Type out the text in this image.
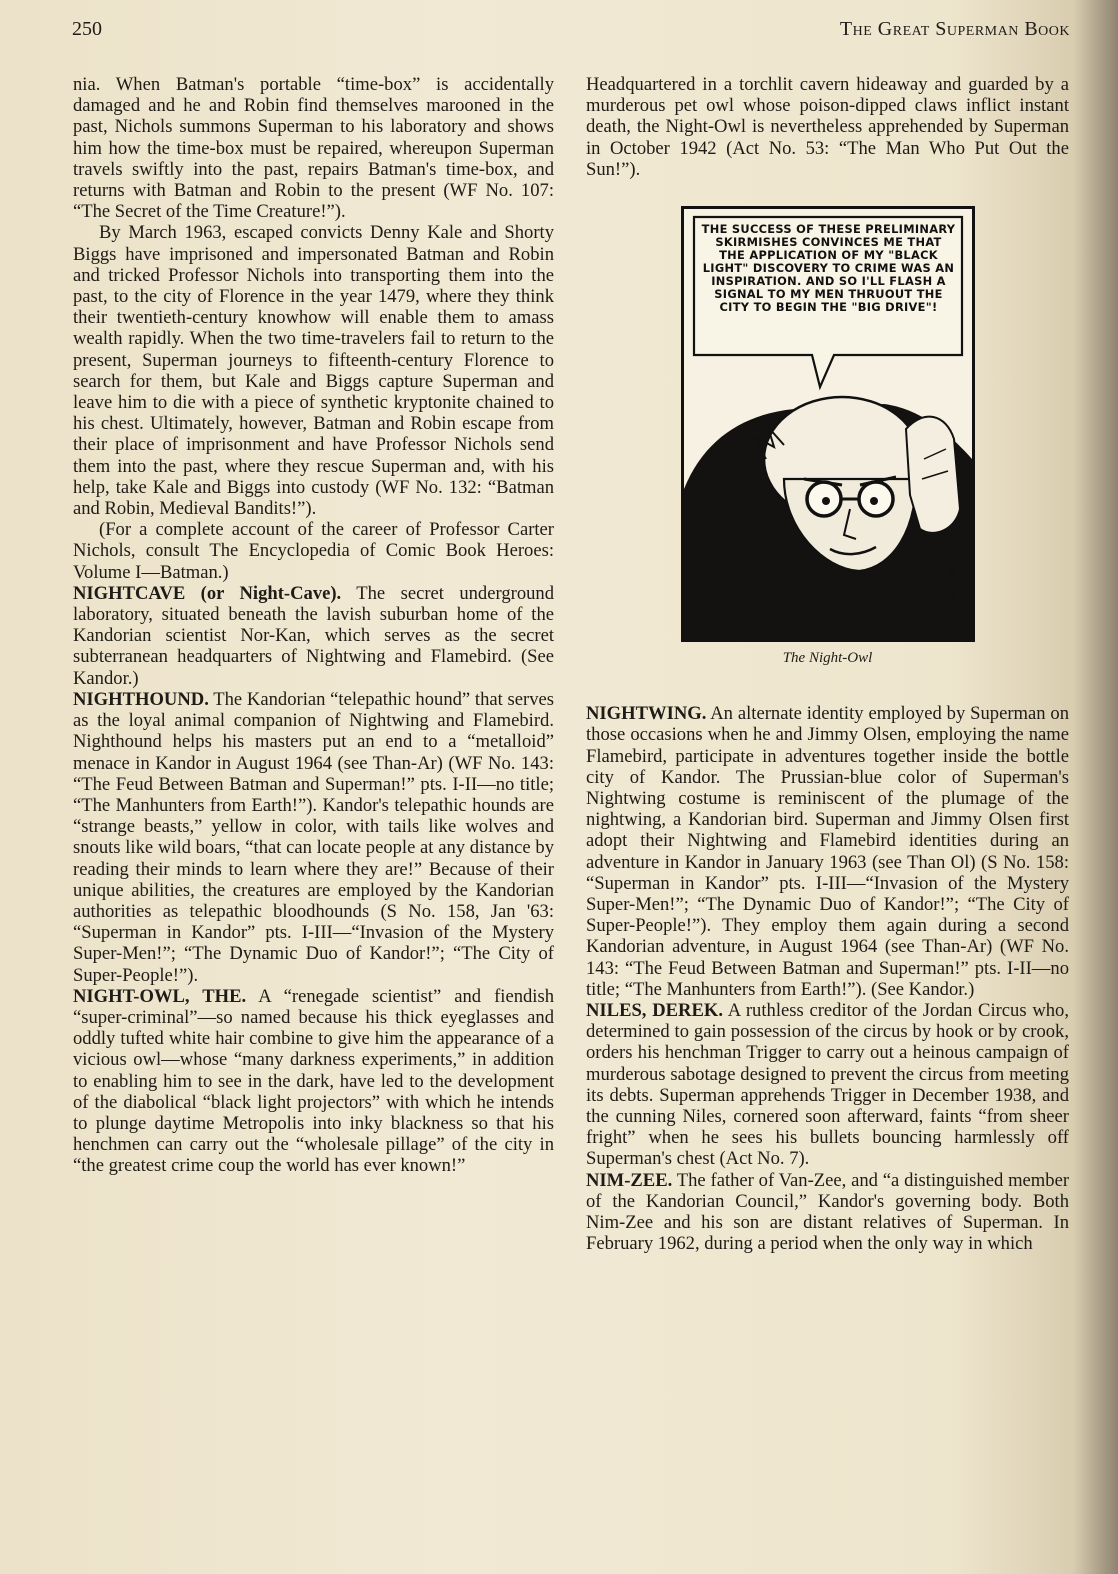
250	The Great Superman Book

nia. When Batman's portable “time-box” is accidentally damaged and he and Robin find themselves marooned in the past, Nichols summons Superman to his laboratory and shows him how the time-box must be repaired, whereupon Superman travels swiftly into the past, repairs Batman's time-box, and returns with Batman and Robin to the present (WF No. 107: “The Secret of the Time Creature!”).

By March 1963, escaped convicts Denny Kale and Shorty Biggs have imprisoned and impersonated Batman and Robin and tricked Professor Nichols into transporting them into the past, to the city of Florence in the year 1479, where they think their twentieth-century knowhow will enable them to amass wealth rapidly. When the two time-travelers fail to return to the present, Superman journeys to fifteenth-century Florence to search for them, but Kale and Biggs capture Superman and leave him to die with a piece of synthetic kryptonite chained to his chest. Ultimately, however, Batman and Robin escape from their place of imprisonment and have Professor Nichols send them into the past, where they rescue Superman and, with his help, take Kale and Biggs into custody (WF No. 132: “Batman and Robin, Medieval Bandits!”).

(For a complete account of the career of Professor Carter Nichols, consult The Encyclopedia of Comic Book Heroes: Volume I—Batman.)

NIGHTCAVE (or Night-Cave). The secret underground laboratory, situated beneath the lavish suburban home of the Kandorian scientist Nor-Kan, which serves as the secret subterranean headquarters of Nightwing and Flamebird. (See Kandor.)

NIGHTHOUND. The Kandorian “telepathic hound” that serves as the loyal animal companion of Nightwing and Flamebird. Nighthound helps his masters put an end to a “metalloid” menace in Kandor in August 1964 (see Than-Ar) (WF No. 143: “The Feud Between Batman and Superman!” pts. I-II—no title; “The Manhunters from Earth!”). Kandor's telepathic hounds are “strange beasts,” yellow in color, with tails like wolves and snouts like wild boars, “that can locate people at any distance by reading their minds to learn where they are!” Because of their unique abilities, the creatures are employed by the Kandorian authorities as telepathic bloodhounds (S No. 158, Jan '63: “Superman in Kandor” pts. I-III—“Invasion of the Mystery Super-Men!”; “The Dynamic Duo of Kandor!”; “The City of Super-People!”).

NIGHT-OWL, THE. A “renegade scientist” and fiendish “super-criminal”—so named because his thick eyeglasses and oddly tufted white hair combine to give him the appearance of a vicious owl—whose “many darkness experiments,” in addition to enabling him to see in the dark, have led to the development of the diabolical “black light projectors” with which he intends to plunge daytime Metropolis into inky blackness so that his henchmen can carry out the “wholesale pillage” of the city in “the greatest crime coup the world has ever known!”

Headquartered in a torchlit cavern hideaway and guarded by a murderous pet owl whose poison-dipped claws inflict instant death, the Night-Owl is nevertheless apprehended by Superman in October 1942 (Act No. 53: “The Man Who Put Out the Sun!”).

THE SUCCESS OF THESE PRELIMINARY SKIRMISHES CONVINCES ME THAT THE APPLICATION OF MY "BLACK LIGHT" DISCOVERY TO CRIME WAS AN INSPIRATION. AND SO I'LL FLASH A SIGNAL TO MY MEN THRUOUT THE CITY TO BEGIN THE "BIG DRIVE"!
© NPP 1942
The Night-Owl

NIGHTWING. An alternate identity employed by Superman on those occasions when he and Jimmy Olsen, employing the name Flamebird, participate in adventures together inside the bottle city of Kandor. The Prussian-blue color of Superman's Nightwing costume is reminiscent of the plumage of the nightwing, a Kandorian bird. Superman and Jimmy Olsen first adopt their Nightwing and Flamebird identities during an adventure in Kandor in January 1963 (see Than Ol) (S No. 158: “Superman in Kandor” pts. I-III—“Invasion of the Mystery Super-Men!”; “The Dynamic Duo of Kandor!”; “The City of Super-People!”). They employ them again during a second Kandorian adventure, in August 1964 (see Than-Ar) (WF No. 143: “The Feud Between Batman and Superman!” pts. I-II—no title; “The Manhunters from Earth!”). (See Kandor.)

NILES, DEREK. A ruthless creditor of the Jordan Circus who, determined to gain possession of the circus by hook or by crook, orders his henchman Trigger to carry out a heinous campaign of murderous sabotage designed to prevent the circus from meeting its debts. Superman apprehends Trigger in December 1938, and the cunning Niles, cornered soon afterward, faints “from sheer fright” when he sees his bullets bouncing harmlessly off Superman's chest (Act No. 7).

NIM-ZEE. The father of Van-Zee, and “a distinguished member of the Kandorian Council,” Kandor's governing body. Both Nim-Zee and his son are distant relatives of Superman. In February 1962, during a period when the only way in which
